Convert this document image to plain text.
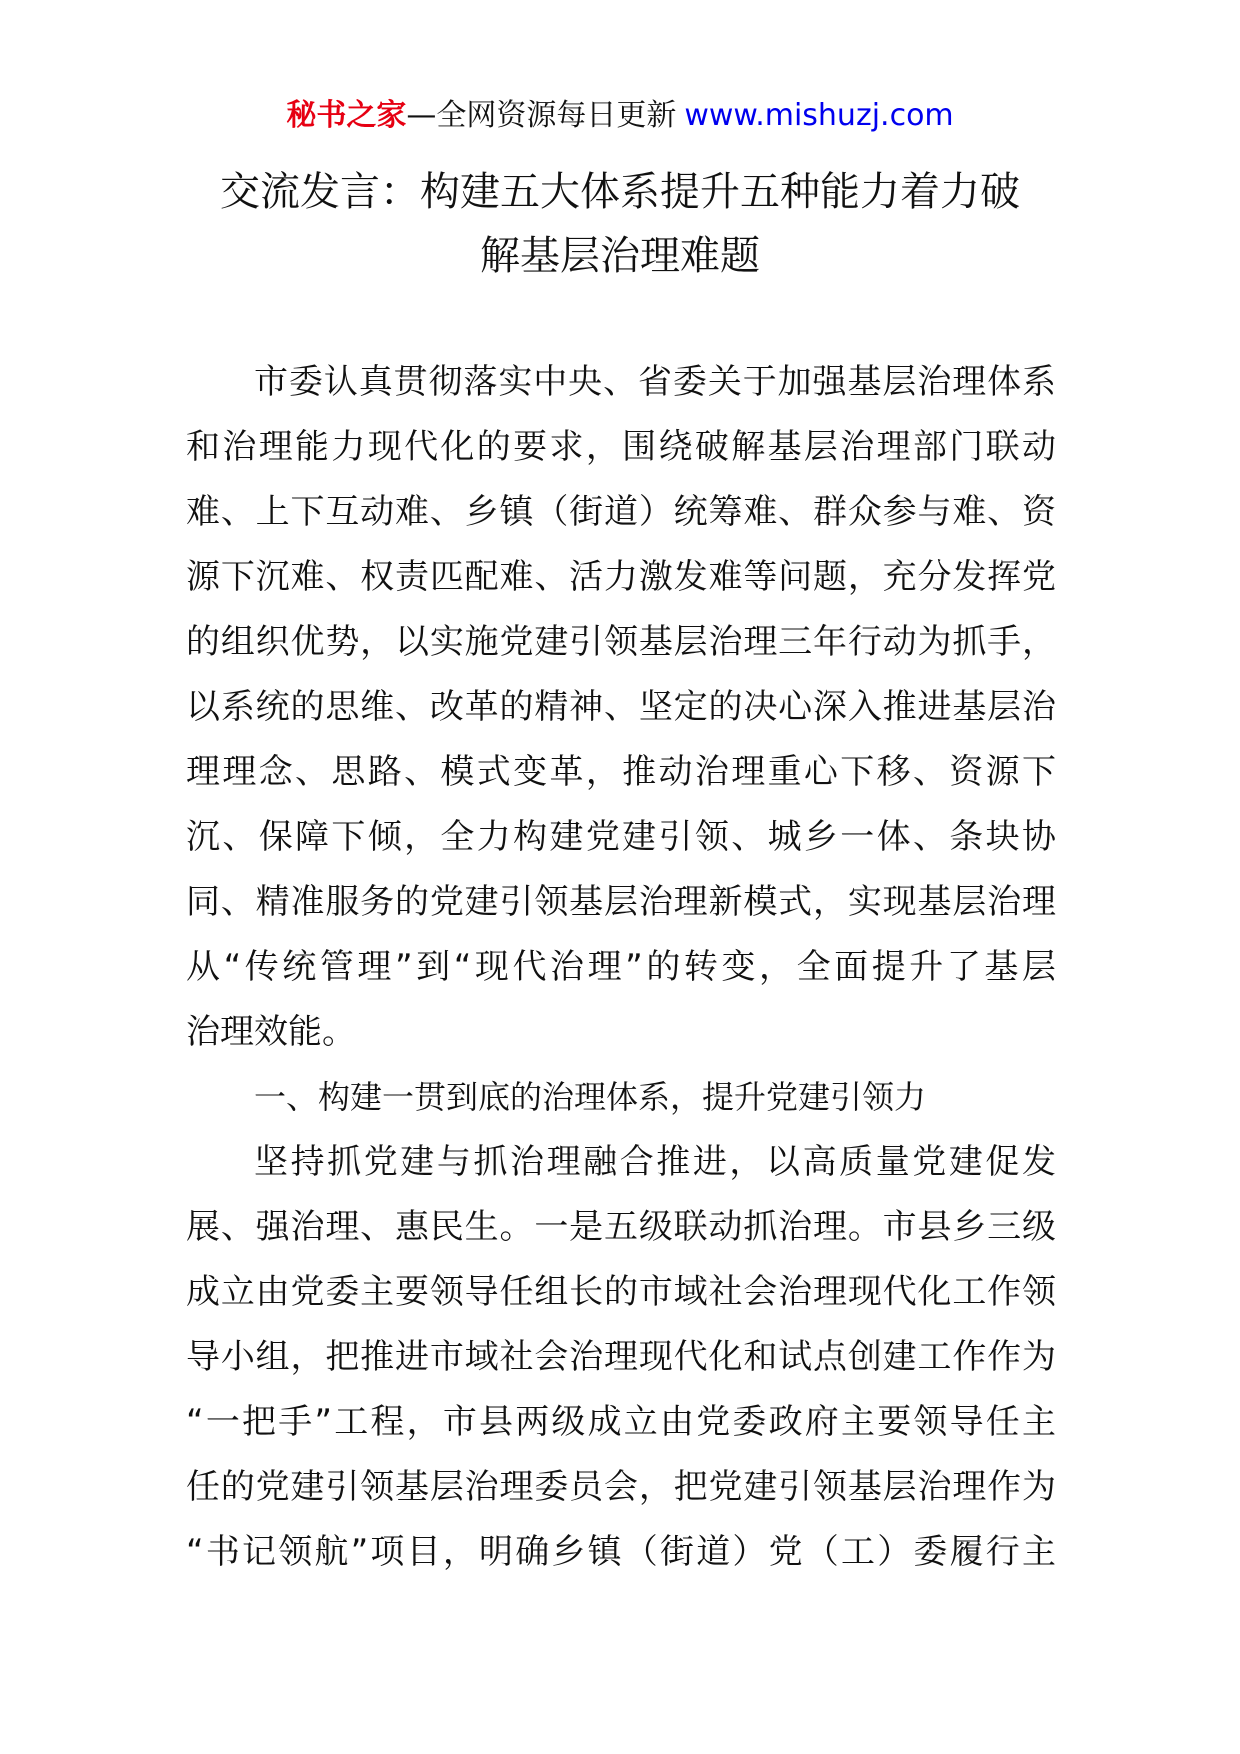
秘书之家—全网资源每日更新 www.mishuzj.com
交流发言：构建五大体系提升五种能力着力破
解基层治理难题
市委认真贯彻落实中央、省委关于加强基层治理体系
和治理能力现代化的要求，围绕破解基层治理部门联动
难、上下互动难、乡镇（街道）统筹难、群众参与难、资
源下沉难、权责匹配难、活力激发难等问题，充分发挥党
的组织优势，以实施党建引领基层治理三年行动为抓手，
以系统的思维、改革的精神、坚定的决心深入推进基层治
理理念、思路、模式变革，推动治理重心下移、资源下
沉、保障下倾，全力构建党建引领、城乡一体、条块协
同、精准服务的党建引领基层治理新模式，实现基层治理
从“传统管理”到“现代治理”的转变，全面提升了基层
治理效能。
一、构建一贯到底的治理体系，提升党建引领力
坚持抓党建与抓治理融合推进，以高质量党建促发
展、强治理、惠民生。一是五级联动抓治理。市县乡三级
成立由党委主要领导任组长的市域社会治理现代化工作领
导小组，把推进市域社会治理现代化和试点创建工作作为
“一把手”工程，市县两级成立由党委政府主要领导任主
任的党建引领基层治理委员会，把党建引领基层治理作为
“书记领航”项目，明确乡镇（街道）党（工）委履行主
